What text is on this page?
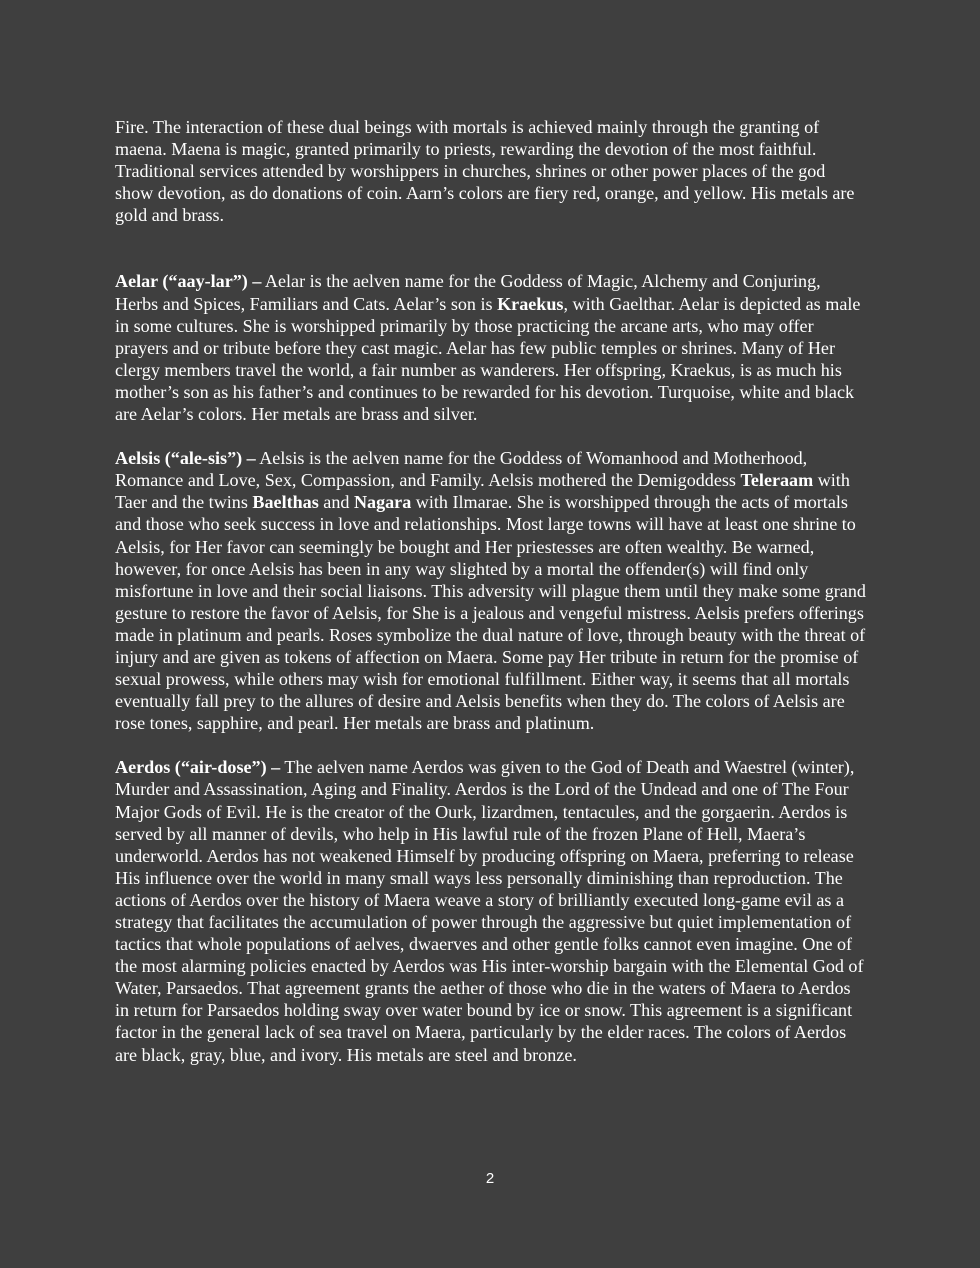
Fire. The interaction of these dual beings with mortals is achieved mainly through the granting of maena. Maena is magic, granted primarily to priests, rewarding the devotion of the most faithful. Traditional services attended by worshippers in churches, shrines or other power places of the god show devotion, as do donations of coin. Aarn’s colors are fiery red, orange, and yellow. His metals are gold and brass.

Aelar (“aay-lar”) – Aelar is the aelven name for the Goddess of Magic, Alchemy and Conjuring, Herbs and Spices, Familiars and Cats. Aelar’s son is Kraekus, with Gaelthar. Aelar is depicted as male in some cultures. She is worshipped primarily by those practicing the arcane arts, who may offer prayers and or tribute before they cast magic. Aelar has few public temples or shrines. Many of Her clergy members travel the world, a fair number as wanderers. Her offspring, Kraekus, is as much his mother’s son as his father’s and continues to be rewarded for his devotion. Turquoise, white and black are Aelar’s colors. Her metals are brass and silver.

Aelsis (“ale-sis”) – Aelsis is the aelven name for the Goddess of Womanhood and Motherhood, Romance and Love, Sex, Compassion, and Family. Aelsis mothered the Demigoddess Teleraam with Taer and the twins Baelthas and Nagara with Ilmarae. She is worshipped through the acts of mortals and those who seek success in love and relationships. Most large towns will have at least one shrine to Aelsis, for Her favor can seemingly be bought and Her priestesses are often wealthy. Be warned, however, for once Aelsis has been in any way slighted by a mortal the offender(s) will find only misfortune in love and their social liaisons. This adversity will plague them until they make some grand gesture to restore the favor of Aelsis, for She is a jealous and vengeful mistress. Aelsis prefers offerings made in platinum and pearls. Roses symbolize the dual nature of love, through beauty with the threat of injury and are given as tokens of affection on Maera. Some pay Her tribute in return for the promise of sexual prowess, while others may wish for emotional fulfillment. Either way, it seems that all mortals eventually fall prey to the allures of desire and Aelsis benefits when they do. The colors of Aelsis are rose tones, sapphire, and pearl. Her metals are brass and platinum.

Aerdos (“air-dose”) – The aelven name Aerdos was given to the God of Death and Waestrel (winter), Murder and Assassination, Aging and Finality. Aerdos is the Lord of the Undead and one of The Four Major Gods of Evil. He is the creator of the Ourk, lizardmen, tentacules, and the gorgaerin. Aerdos is served by all manner of devils, who help in His lawful rule of the frozen Plane of Hell, Maera’s underworld. Aerdos has not weakened Himself by producing offspring on Maera, preferring to release His influence over the world in many small ways less personally diminishing than reproduction. The actions of Aerdos over the history of Maera weave a story of brilliantly executed long-game evil as a strategy that facilitates the accumulation of power through the aggressive but quiet implementation of tactics that whole populations of aelves, dwaerves and other gentle folks cannot even imagine. One of the most alarming policies enacted by Aerdos was His inter-worship bargain with the Elemental God of Water, Parsaedos. That agreement grants the aether of those who die in the waters of Maera to Aerdos in return for Parsaedos holding sway over water bound by ice or snow. This agreement is a significant factor in the general lack of sea travel on Maera, particularly by the elder races. The colors of Aerdos are black, gray, blue, and ivory. His metals are steel and bronze.

2
